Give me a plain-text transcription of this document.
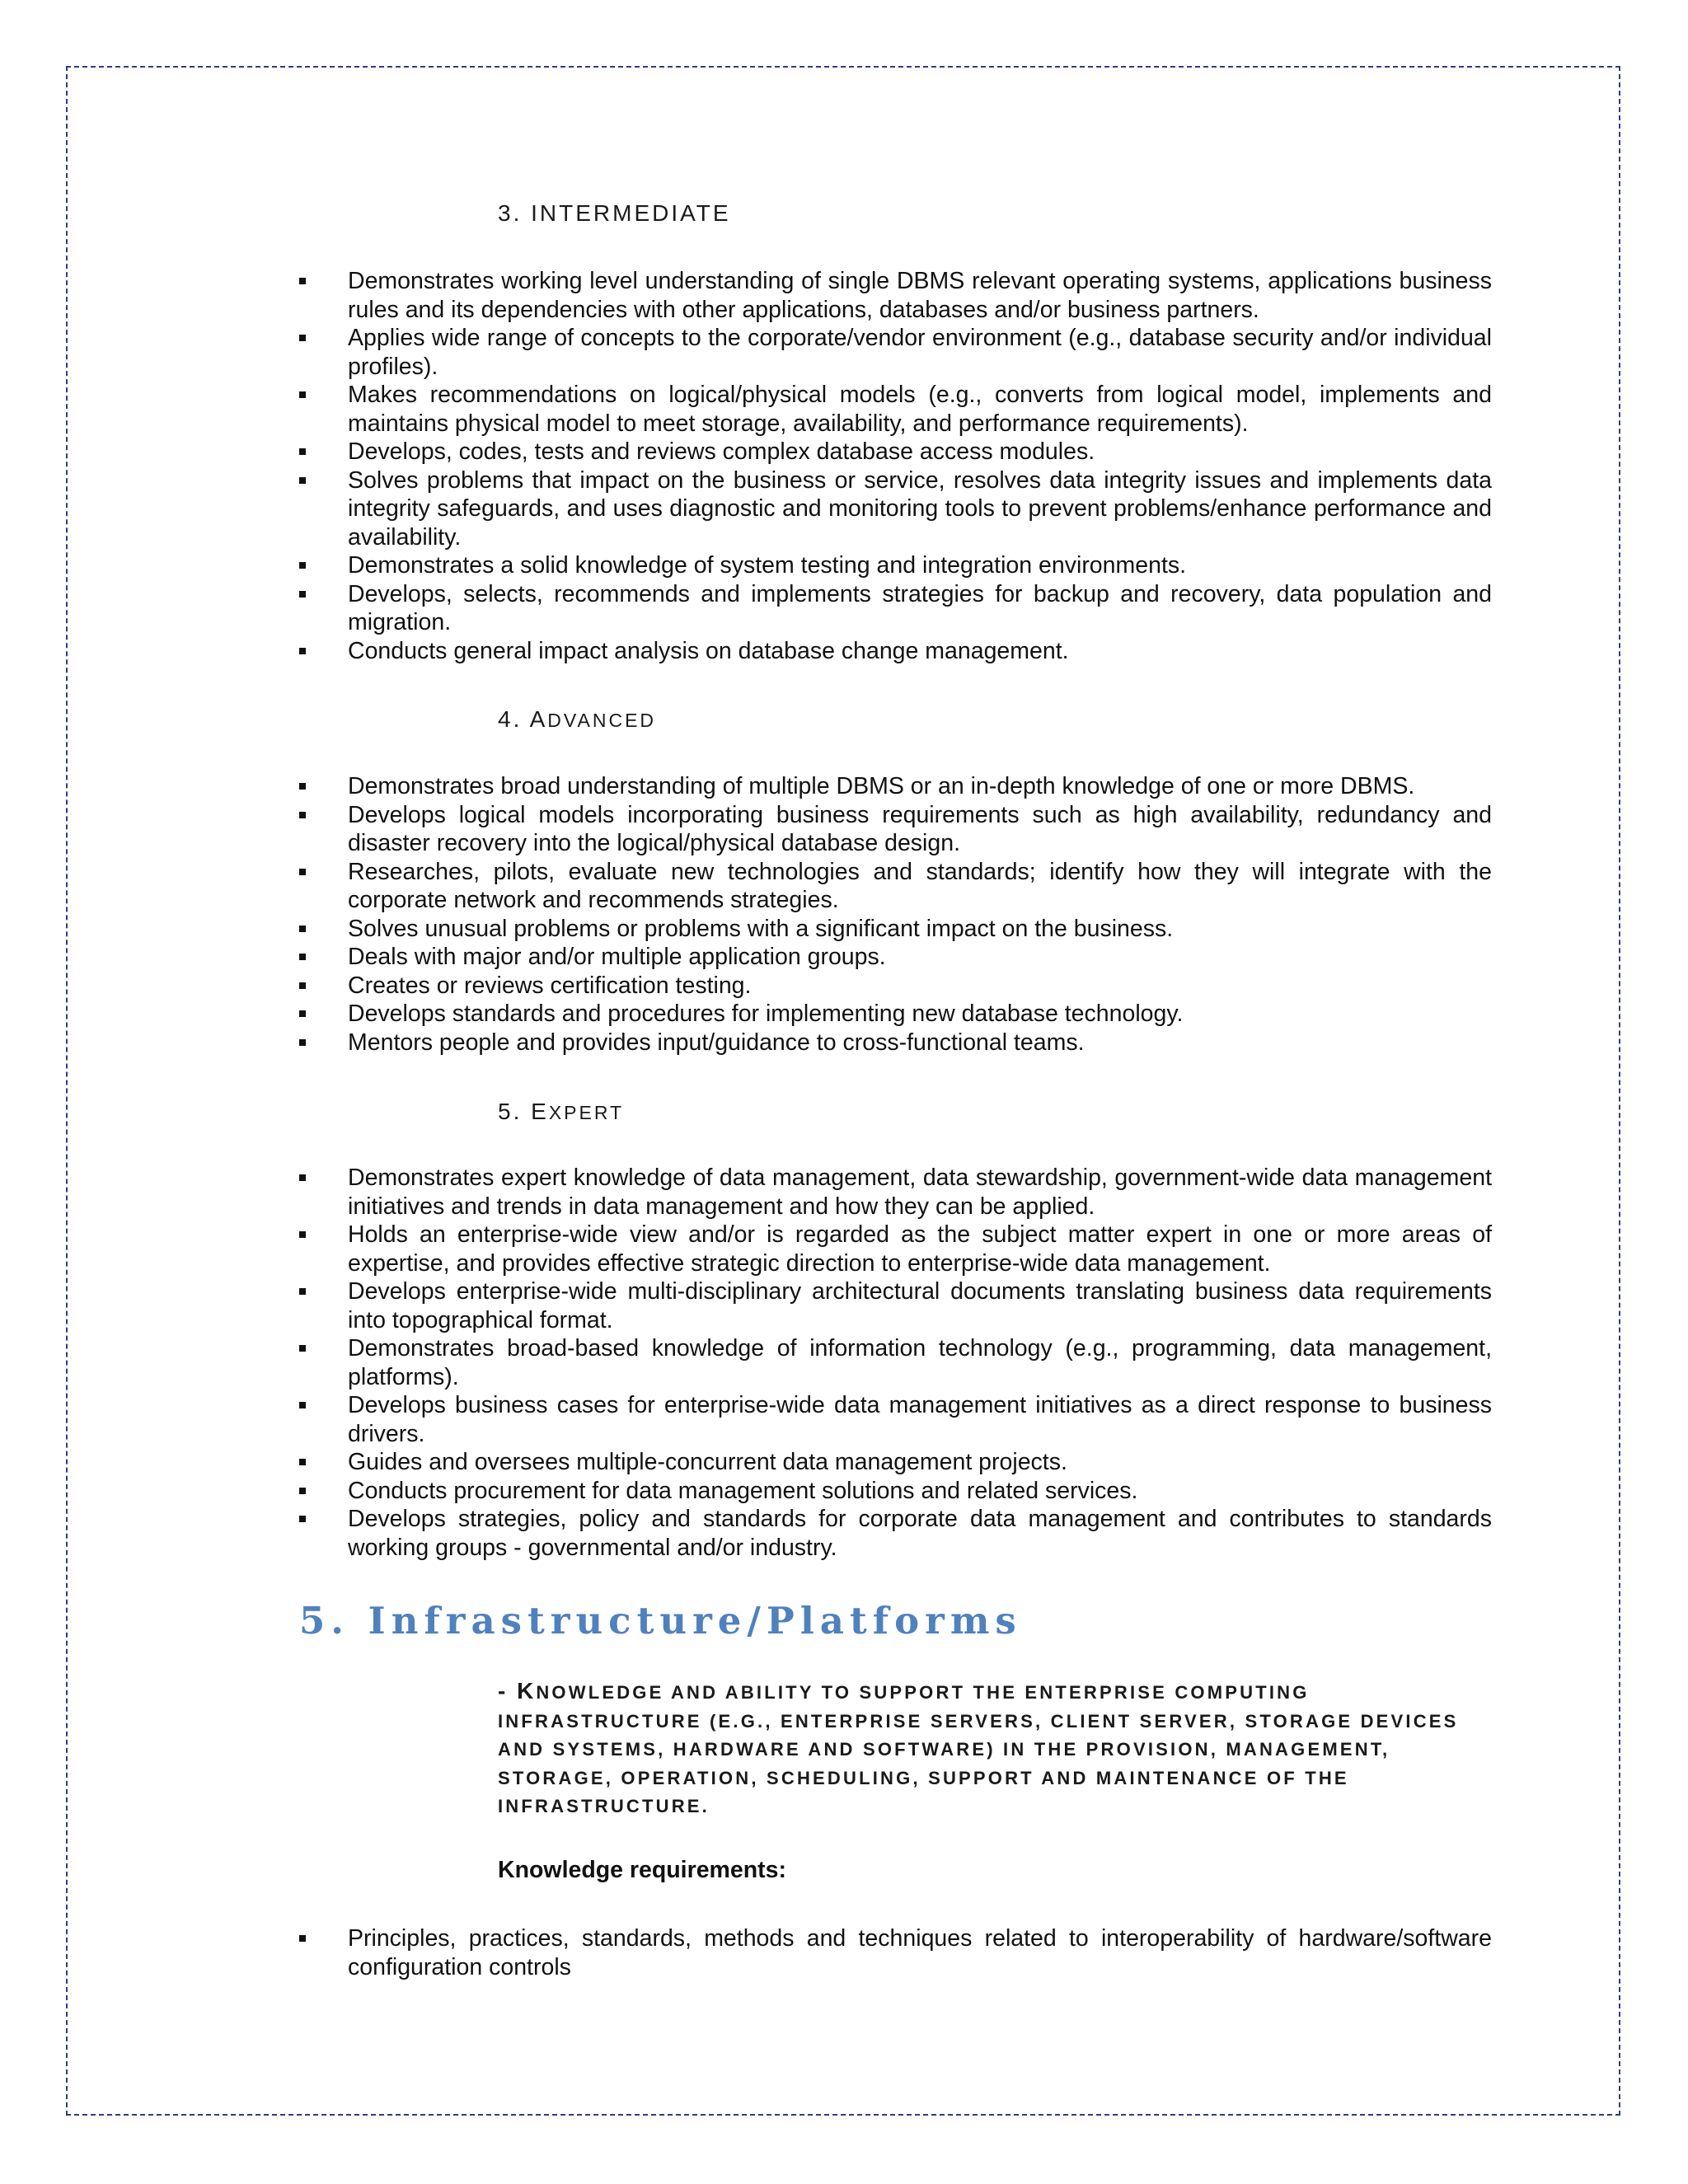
3. INTERMEDIATE
Demonstrates working level understanding of single DBMS relevant operating systems, applications business rules and its dependencies with other applications, databases and/or business partners.
Applies wide range of concepts to the corporate/vendor environment (e.g., database security and/or individual profiles).
Makes recommendations on logical/physical models (e.g., converts from logical model, implements and maintains physical model to meet storage, availability, and performance requirements).
Develops, codes, tests and reviews complex database access modules.
Solves problems that impact on the business or service, resolves data integrity issues and implements data integrity safeguards, and uses diagnostic and monitoring tools to prevent problems/enhance performance and availability.
Demonstrates a solid knowledge of system testing and integration environments.
Develops, selects, recommends and implements strategies for backup and recovery, data population and migration.
Conducts general impact analysis on database change management.
4. ADVANCED
Demonstrates broad understanding of multiple DBMS or an in-depth knowledge of one or more DBMS.
Develops logical models incorporating business requirements such as high availability, redundancy and disaster recovery into the logical/physical database design.
Researches, pilots, evaluate new technologies and standards; identify how they will integrate with the corporate network and recommends strategies.
Solves unusual problems or problems with a significant impact on the business.
Deals with major and/or multiple application groups.
Creates or reviews certification testing.
Develops standards and procedures for implementing new database technology.
Mentors people and provides input/guidance to cross-functional teams.
5. EXPERT
Demonstrates expert knowledge of data management, data stewardship, government-wide data management initiatives and trends in data management and how they can be applied.
Holds an enterprise-wide view and/or is regarded as the subject matter expert in one or more areas of expertise, and provides effective strategic direction to enterprise-wide data management.
Develops enterprise-wide multi-disciplinary architectural documents translating business data requirements into topographical format.
Demonstrates broad-based knowledge of information technology (e.g., programming, data management, platforms).
Develops business cases for enterprise-wide data management initiatives as a direct response to business drivers.
Guides and oversees multiple-concurrent data management projects.
Conducts procurement for data management solutions and related services.
Develops strategies, policy and standards for corporate data management and contributes to standards working groups - governmental and/or industry.
5. Infrastructure/Platforms
- KNOWLEDGE AND ABILITY TO SUPPORT THE ENTERPRISE COMPUTING INFRASTRUCTURE (E.G., ENTERPRISE SERVERS, CLIENT SERVER, STORAGE DEVICES AND SYSTEMS, HARDWARE AND SOFTWARE) IN THE PROVISION, MANAGEMENT, STORAGE, OPERATION, SCHEDULING, SUPPORT AND MAINTENANCE OF THE INFRASTRUCTURE.
Knowledge requirements:
Principles, practices, standards, methods and techniques related to interoperability of hardware/software configuration controls
